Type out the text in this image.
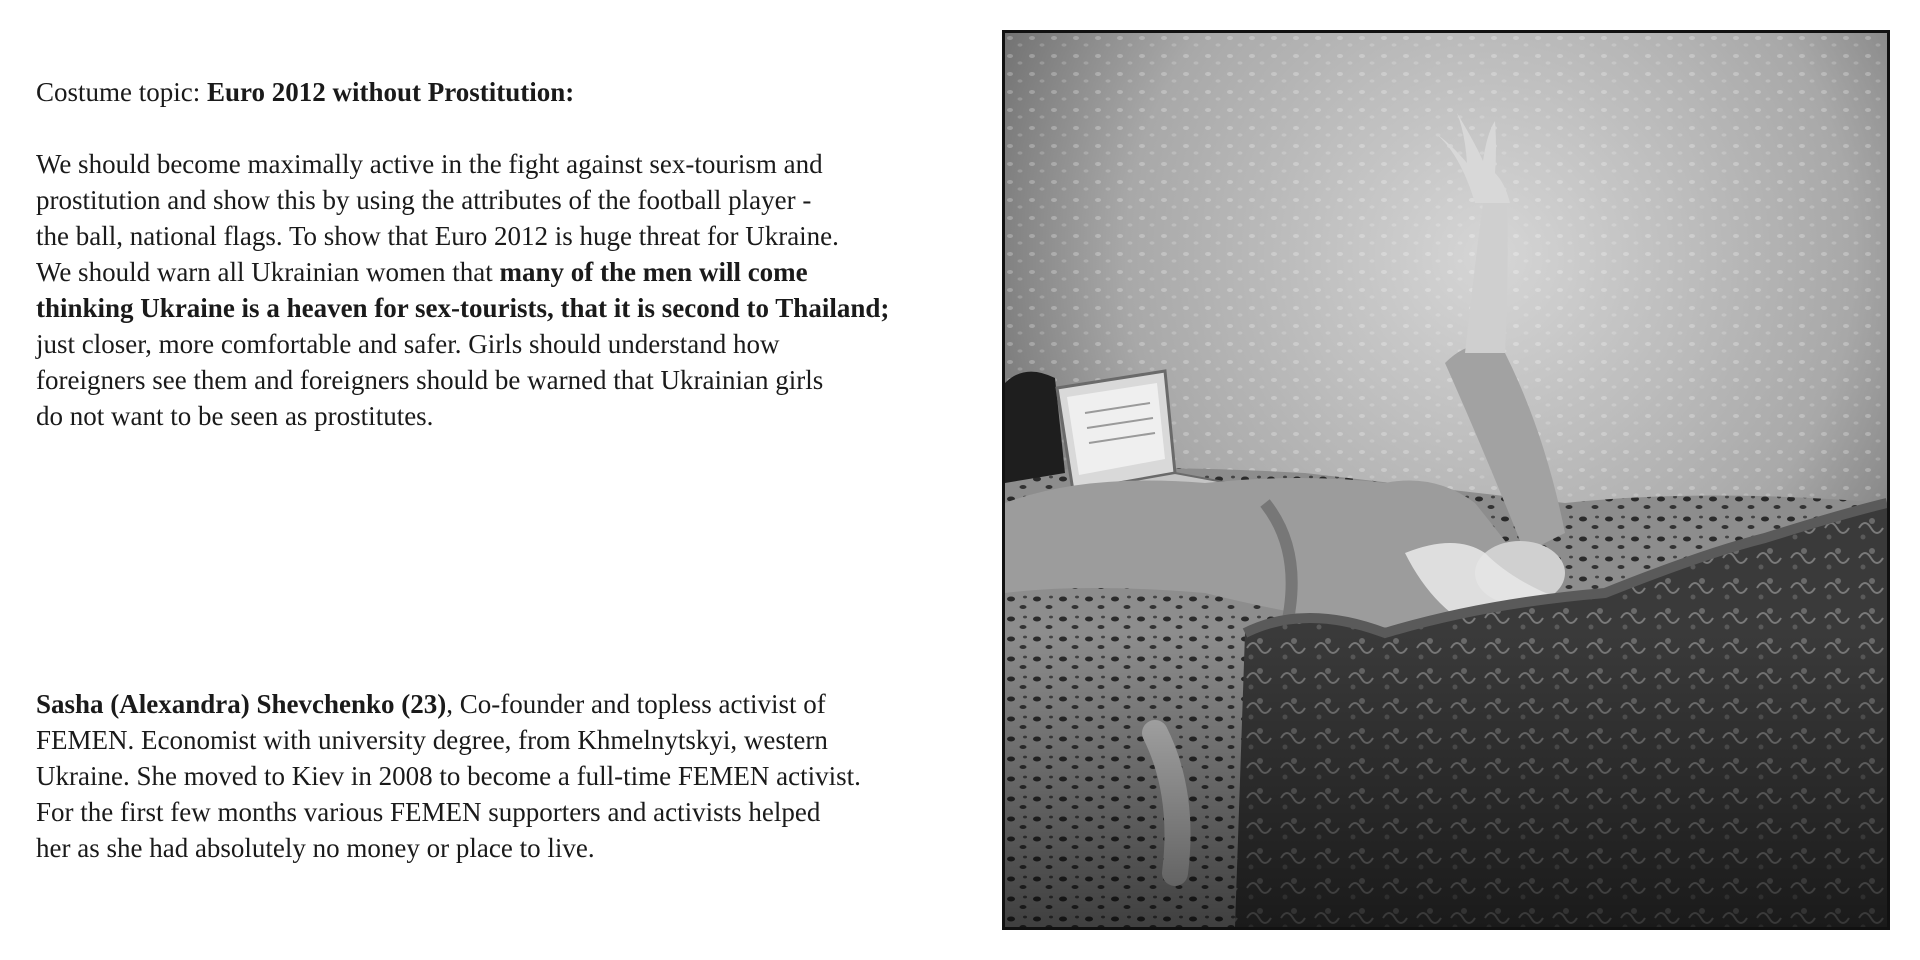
Costume topic: Euro 2012 without Prostitution:

We should become maximally active in the fight against sex-tourism and
prostitution and show this by using the attributes of the football player -
the ball, national flags. To show that Euro 2012 is huge threat for Ukraine.
We should warn all Ukrainian women that many of the men will come
thinking Ukraine is a heaven for sex-tourists, that it is second to Thailand;
just closer, more comfortable and safer. Girls should understand how
foreigners see them and foreigners should be warned that Ukrainian girls
do not want to be seen as prostitutes.

Sasha (Alexandra) Shevchenko (23), Co-founder and topless activist of
FEMEN. Economist with university degree, from Khmelnytskyi, western
Ukraine. She moved to Kiev in 2008 to become a full-time FEMEN activist.
For the first few months various FEMEN supporters and activists helped
her as she had absolutely no money or place to live.
